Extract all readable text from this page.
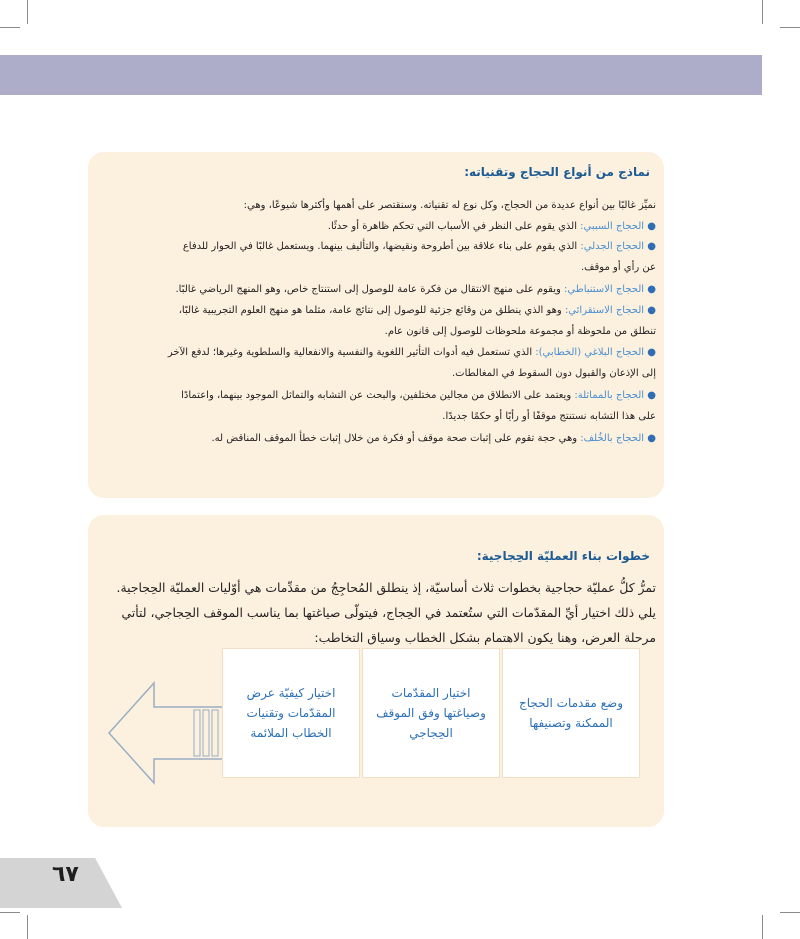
نماذج من أنواع الحجاج وتقنياته:
نميِّز غالبًا بين أنواع عديدة من الحجاج، وكل نوع له تقنياته. وسنقتصر على أهمها وأكثرها شيوعًا، وهي:
● الحجاج السببي: الذي يقوم على النظر في الأسباب التي تحكم ظاهرة أو حدثًا.
● الحجاج الجدلي: الذي يقوم على بناء علاقة بين أطروحة ونقيضها، والتأليف بينهما. ويستعمل غالبًا في الحوار للدفاع
عن رأي أو موقف.
● الحجاج الاستنباطي: ويقوم على منهج الانتقال من فكرة عامة للوصول إلى استنتاج خاص، وهو المنهج الرياضي غالبًا.
● الحجاج الاستقرائي: وهو الذي ينطلق من وقائع جزئية للوصول إلى نتائج عامة، مثلما هو منهج العلوم التجريبية غالبًا،
تنطلق من ملحوظة أو مجموعة ملحوظات للوصول إلى قانون عام.
● الحجاج البلاغي (الخطابي): الذي تستعمل فيه أدوات التأثير اللغوية والنفسية والانفعالية والسلطوية وغيرها؛ لدفع الآخر
إلى الإذعان والقبول دون السقوط في المغالطات.
● الحجاج بالمماثلة: ويعتمد على الانطلاق من مجالين مختلفين، والبحث عن التشابه والتماثل الموجود بينهما، واعتمادًا
على هذا التشابه نستنتج موقفًا أو رأيًا أو حكمًا جديدًا.
● الحجاج بالخُلف: وهي حجة تقوم على إثبات صحة موقف أو فكرة من خلال إثبات خطأ الموقف المناقض له.
خطوات بناء العمليّة الحِجاجية:
تمرُّ كلُّ عمليّة حجاجية بخطوات ثلاث أساسيّة، إذ ينطلق المُحاجِجُ من مقدِّمات هي أوّليات العمليّة الحِجاجية.
يلي ذلك اختيار أيِّ المقدّمات التي ستُعتمد في الحِجاج، فيتولّى صياغتها بما يناسب الموقف الحِجاجي، لتأتي
مرحلة العرض، وهنا يكون الاهتمام بشكل الخطاب وسياق التخاطب:
وضع مقدمات الحجاج
الممكنة وتصنيفها
اختيار المقدّمات
وصياغتها وفق الموقف
الحِجاجي
اختيار كيفيّة عرض
المقدّمات وتقنيات
الخطاب الملائمة
٦٧
